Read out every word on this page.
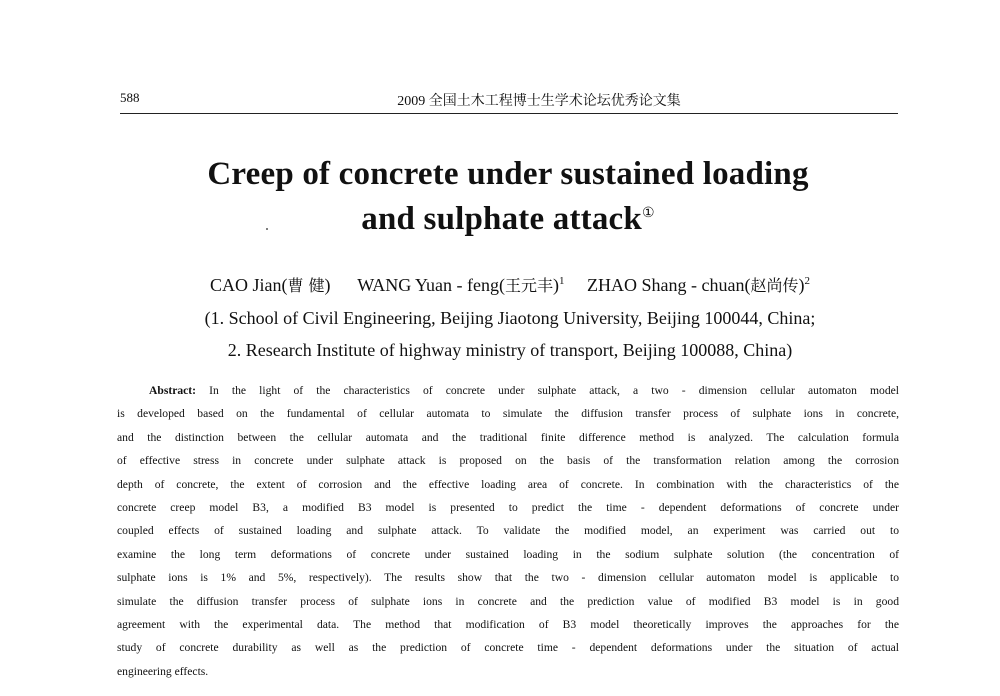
588	2009 全国土木工程博士生学术论坛优秀论文集
Creep of concrete under sustained loading
and sulphate attack①
CAO Jian(曹 健) WANG Yuan - feng(王元丰)$^1$ ZHAO Shang - chuan(赵尚传)$^2$
(1. School of Civil Engineering, Beijing Jiaotong University, Beijing 100044, China;
2. Research Institute of highway ministry of transport, Beijing 100088, China)
Abstract: In the light of the characteristics of concrete under sulphate attack, a two - dimension cellular automaton model
is developed based on the fundamental of cellular automata to simulate the diffusion transfer process of sulphate ions in concrete,
and the distinction between the cellular automata and the traditional finite difference method is analyzed. The calculation formula
of effective stress in concrete under sulphate attack is proposed on the basis of the transformation relation among the corrosion
depth of concrete, the extent of corrosion and the effective loading area of concrete. In combination with the characteristics of the
concrete creep model B3, a modified B3 model is presented to predict the time - dependent deformations of concrete under
coupled effects of sustained loading and sulphate attack. To validate the modified model, an experiment was carried out to
examine the long term deformations of concrete under sustained loading in the sodium sulphate solution (the concentration of
sulphate ions is 1% and 5%, respectively). The results show that the two - dimension cellular automaton model is applicable to
simulate the diffusion transfer process of sulphate ions in concrete and the prediction value of modified B3 model is in good
agreement with the experimental data. The method that modification of B3 model theoretically improves the approaches for the
study of concrete durability as well as the prediction of concrete time - dependent deformations under the situation of actual
engineering effects.
